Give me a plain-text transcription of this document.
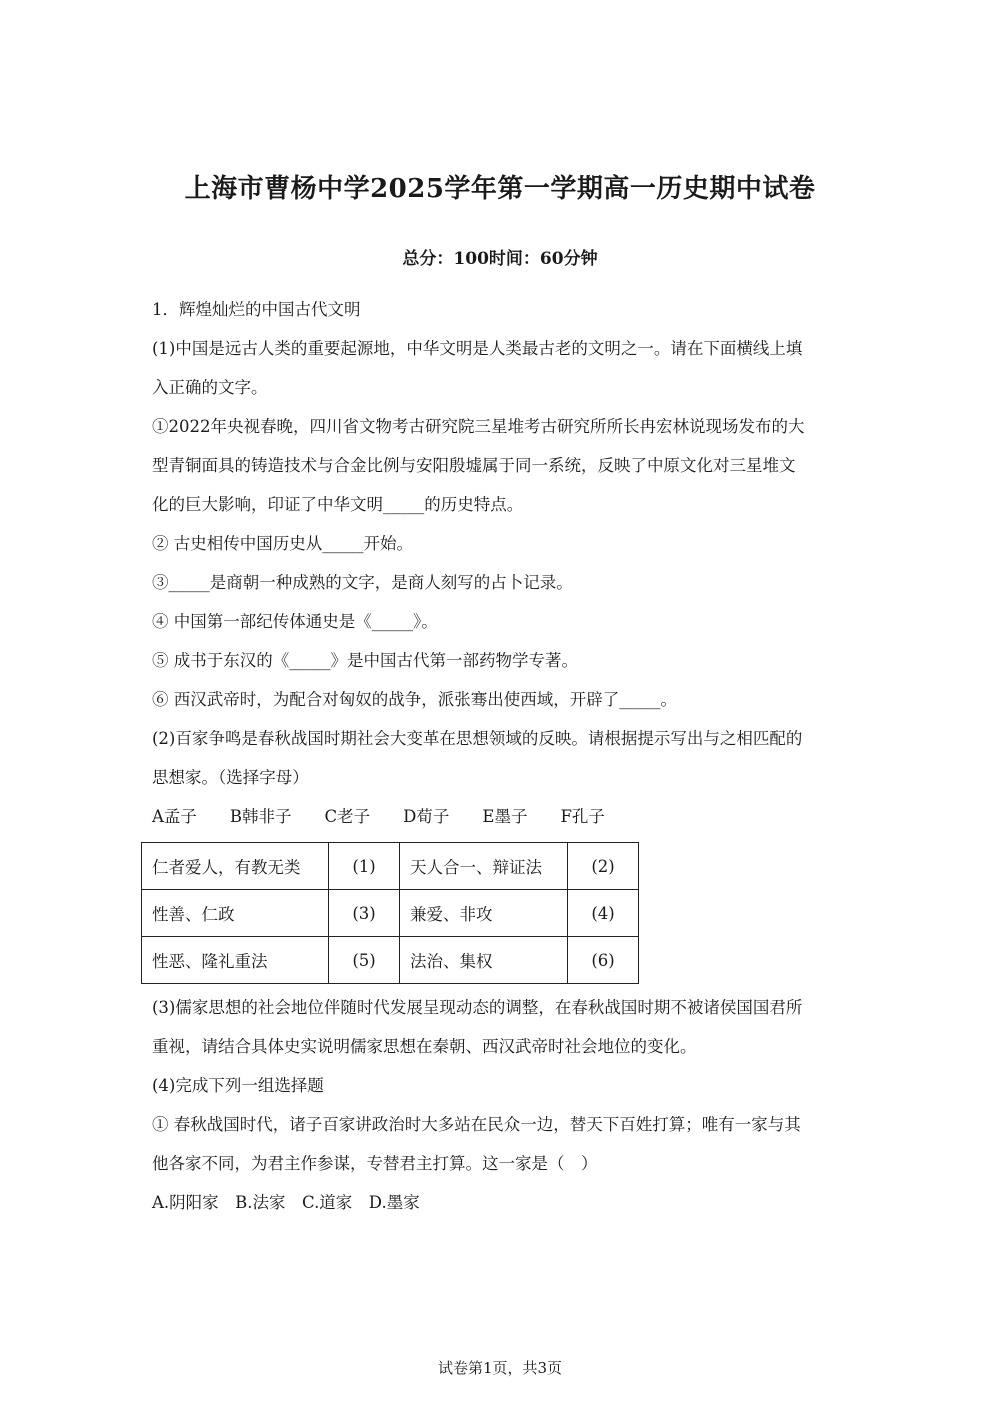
上海市曹杨中学2025学年第一学期高一历史期中试卷
总分：100时间：60分钟
1．辉煌灿烂的中国古代文明
(1)中国是远古人类的重要起源地，中华文明是人类最古老的文明之一。请在下面横线上填
入正确的文字。
①2022年央视春晚，四川省文物考古研究院三星堆考古研究所所长冉宏林说现场发布的大
型青铜面具的铸造技术与合金比例与安阳殷墟属于同一系统，反映了中原文化对三星堆文
化的巨大影响，印证了中华文明_____的历史特点。
② 古史相传中国历史从_____开始。
③_____是商朝一种成熟的文字，是商人刻写的占卜记录。
④ 中国第一部纪传体通史是《_____》。
⑤ 成书于东汉的《_____》是中国古代第一部药物学专著。
⑥ 西汉武帝时，为配合对匈奴的战争，派张骞出使西域，开辟了_____。
(2)百家争鸣是春秋战国时期社会大变革在思想领域的反映。请根据提示写出与之相匹配的
思想家。（选择字母）
A孟子　　B韩非子　　C老子　　D荀子　　E墨子　　F孔子
仁者爱人，有教无类	(1)	天人合一、辩证法	(2)
性善、仁政	(3)	兼爱、非攻	(4)
性恶、隆礼重法	(5)	法治、集权	(6)
(3)儒家思想的社会地位伴随时代发展呈现动态的调整，在春秋战国时期不被诸侯国国君所
重视，请结合具体史实说明儒家思想在秦朝、西汉武帝时社会地位的变化。
(4)完成下列一组选择题
① 春秋战国时代，诸子百家讲政治时大多站在民众一边，替天下百姓打算；唯有一家与其
他各家不同，为君主作参谋，专替君主打算。这一家是（　）
A.阴阳家　B.法家　C.道家　D.墨家
试卷第1页，共3页
